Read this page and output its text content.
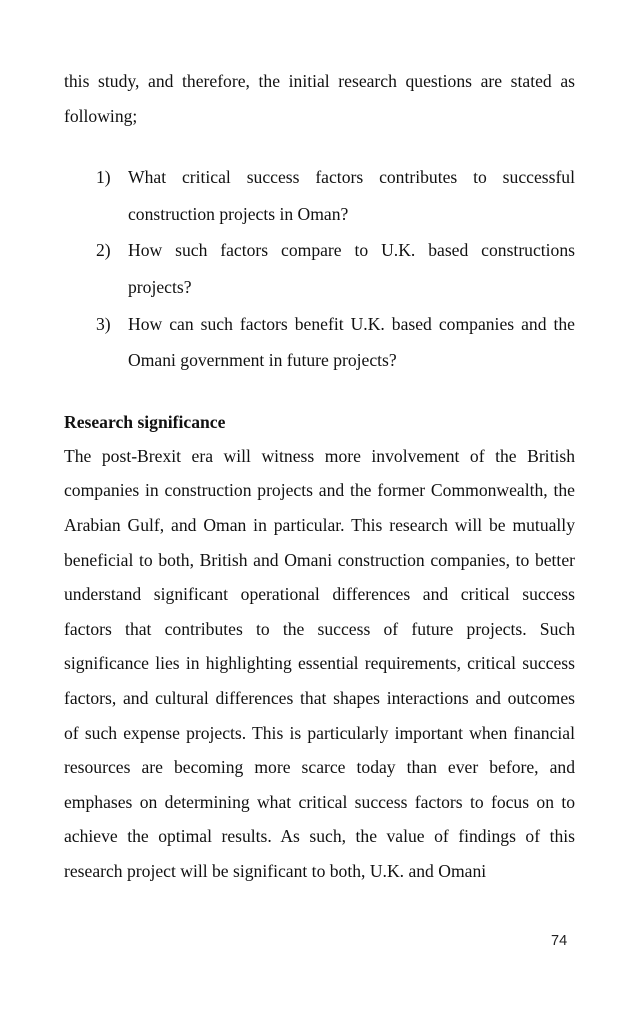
this study, and therefore, the initial research questions are stated as following;

1) What critical success factors contributes to successful construction projects in Oman?
2) How such factors compare to U.K. based constructions projects?
3) How can such factors benefit U.K. based companies and the Omani government in future projects?
Research significance

The post-Brexit era will witness more involvement of the British companies in construction projects and the former Commonwealth, the Arabian Gulf, and Oman in particular. This research will be mutually beneficial to both, British and Omani construction companies, to better understand significant operational differences and critical success factors that contributes to the success of future projects. Such significance lies in highlighting essential requirements, critical success factors, and cultural differences that shapes interactions and outcomes of such expense projects. This is particularly important when financial resources are becoming more scarce today than ever before, and emphases on determining what critical success factors to focus on to achieve the optimal results. As such, the value of findings of this research project will be significant to both, U.K. and Omani

74
